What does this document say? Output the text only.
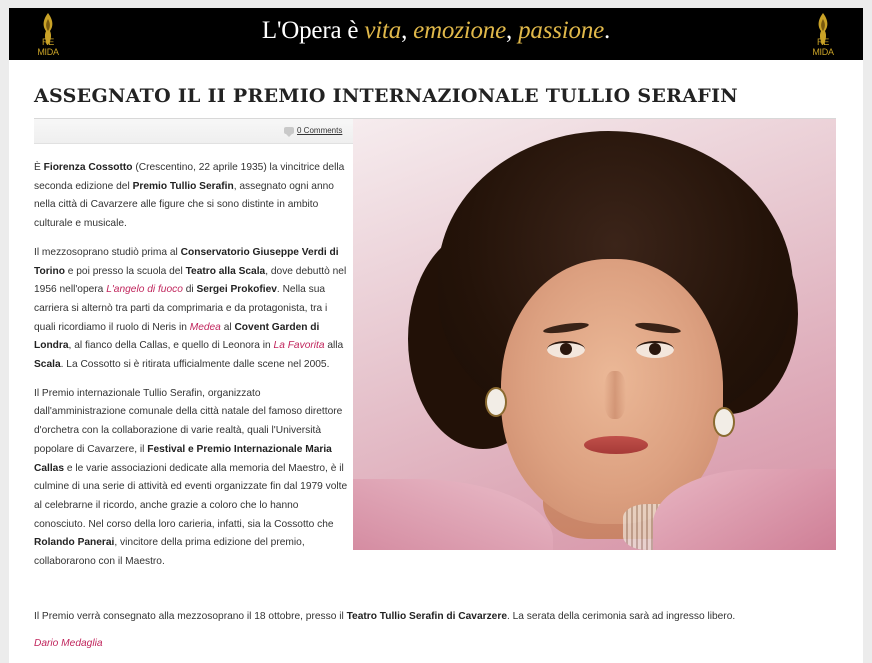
RE MIDA
L'Opera è vita, emozione, passione.	RE MIDA
ASSEGNATO IL II PREMIO INTERNAZIONALE TULLIO SERAFIN
0 Comments

È Fiorenza Cossotto (Crescentino, 22 aprile 1935) la vincitrice della seconda edizione del Premio Tullio Serafin, assegnato ogni anno nella città di Cavarzere alle figure che si sono distinte in ambito culturale e musicale.

Il mezzosoprano studiò prima al Conservatorio Giuseppe Verdi di Torino e poi presso la scuola del Teatro alla Scala, dove debuttò nel 1956 nell'opera L'angelo di fuoco di Sergei Prokofiev. Nella sua carriera si alternò tra parti da comprimaria e da protagonista, tra i quali ricordiamo il ruolo di Neris in Medea al Covent Garden di Londra, al fianco della Callas, e quello di Leonora in La Favorita alla Scala. La Cossotto si è ritirata ufficialmente dalle scene nel 2005.

Il Premio internazionale Tullio Serafin, organizzato dall'amministrazione comunale della città natale del famoso direttore d'orchetra con la collaborazione di varie realtà, quali l'Università popolare di Cavarzere, il Festival e Premio Internazionale Maria Callas e le varie associazioni dedicate alla memoria del Maestro, è il culmine di una serie di attività ed eventi organizzate fin dal 1979 volte al celebrarne il ricordo, anche grazie a coloro che lo hanno conosciuto. Nel corso della loro carieria, infatti, sia la Cossotto che Rolando Panerai, vincitore della prima edizione del premio, collaborarono con il Maestro.

Il Premio verrà consegnato alla mezzosoprano il 18 ottobre, presso il Teatro Tullio Serafin di Cavarzere. La serata della cerimonia sarà ad ingresso libero.

Dario Medaglia
